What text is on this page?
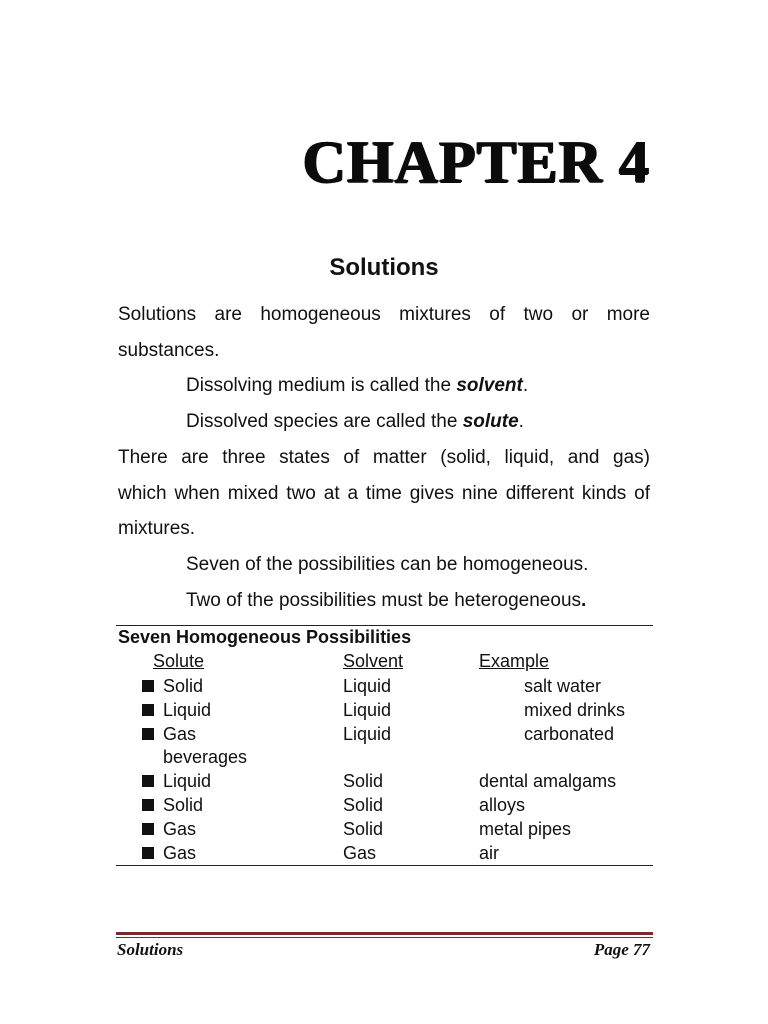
CHAPTER 4
Solutions
Solutions are homogeneous mixtures of two or more
substances.
Dissolving medium is called the solvent.
Dissolved species are called the solute.
There are three states of matter (solid, liquid, and gas)
which when mixed two at a time gives nine different kinds of
mixtures.
Seven of the possibilities can be homogeneous.
Two of the possibilities must be heterogeneous.
Seven Homogeneous Possibilities
Solute	Solvent	Example
Solid	Liquid	salt water
Liquid	Liquid	mixed drinks
Gas	Liquid	carbonated
beverages
Liquid	Solid	dental amalgams
Solid	Solid	alloys
Gas	Solid	metal pipes
Gas	Gas	air
Solutions	Page 77
